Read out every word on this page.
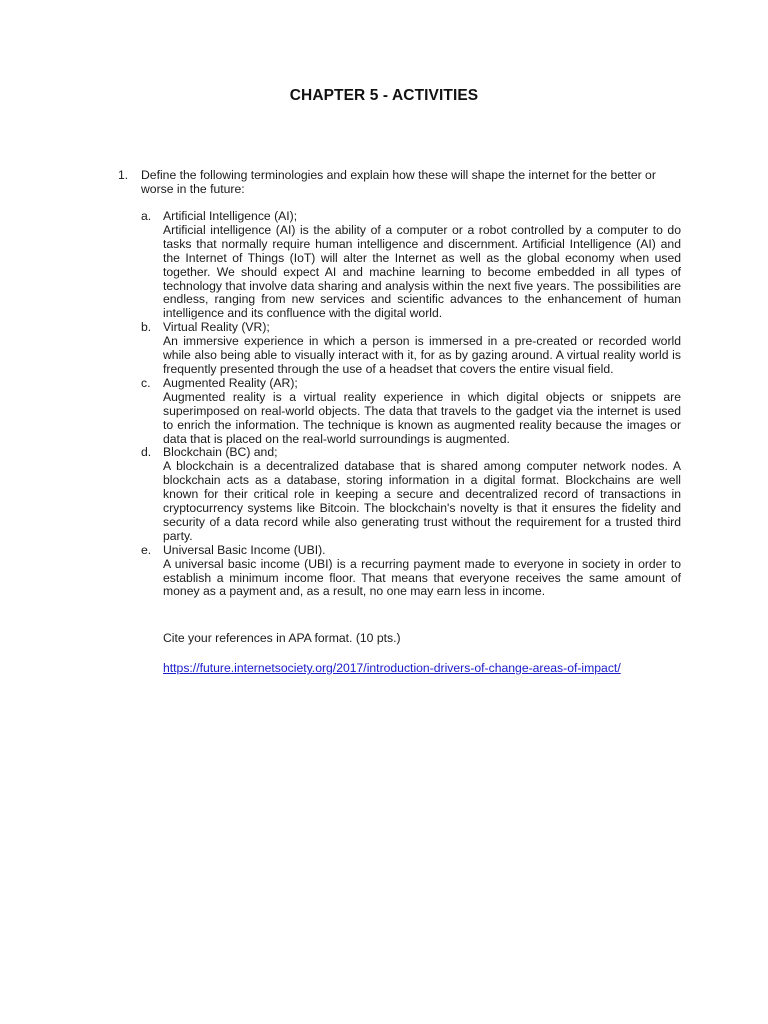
CHAPTER 5 - ACTIVITIES
1. Define the following terminologies and explain how these will shape the internet for the better or worse in the future:
a. Artificial Intelligence (AI);
Artificial intelligence (AI) is the ability of a computer or a robot controlled by a computer to do tasks that normally require human intelligence and discernment. Artificial Intelligence (AI) and the Internet of Things (IoT) will alter the Internet as well as the global economy when used together. We should expect AI and machine learning to become embedded in all types of technology that involve data sharing and analysis within the next five years. The possibilities are endless, ranging from new services and scientific advances to the enhancement of human intelligence and its confluence with the digital world.
b. Virtual Reality (VR);
An immersive experience in which a person is immersed in a pre-created or recorded world while also being able to visually interact with it, for as by gazing around. A virtual reality world is frequently presented through the use of a headset that covers the entire visual field.
c.	Augmented Reality (AR);
Augmented reality is a virtual reality experience in which digital objects or snippets are superimposed on real-world objects. The data that travels to the gadget via the internet is used to enrich the information. The technique is known as augmented reality because the images or data that is placed on the real-world surroundings is augmented.
d. Blockchain (BC) and;
A blockchain is a decentralized database that is shared among computer network nodes. A blockchain acts as a database, storing information in a digital format. Blockchains are well known for their critical role in keeping a secure and decentralized record of transactions in cryptocurrency systems like Bitcoin. The blockchain's novelty is that it ensures the fidelity and security of a data record while also generating trust without the requirement for a trusted third party.
e. Universal Basic Income (UBI).
A universal basic income (UBI) is a recurring payment made to everyone in society in order to establish a minimum income floor. That means that everyone receives the same amount of money as a payment and, as a result, no one may earn less in income.
Cite your references in APA format. (10 pts.)
https://future.internetsociety.org/2017/introduction-drivers-of-change-areas-of-impact/
